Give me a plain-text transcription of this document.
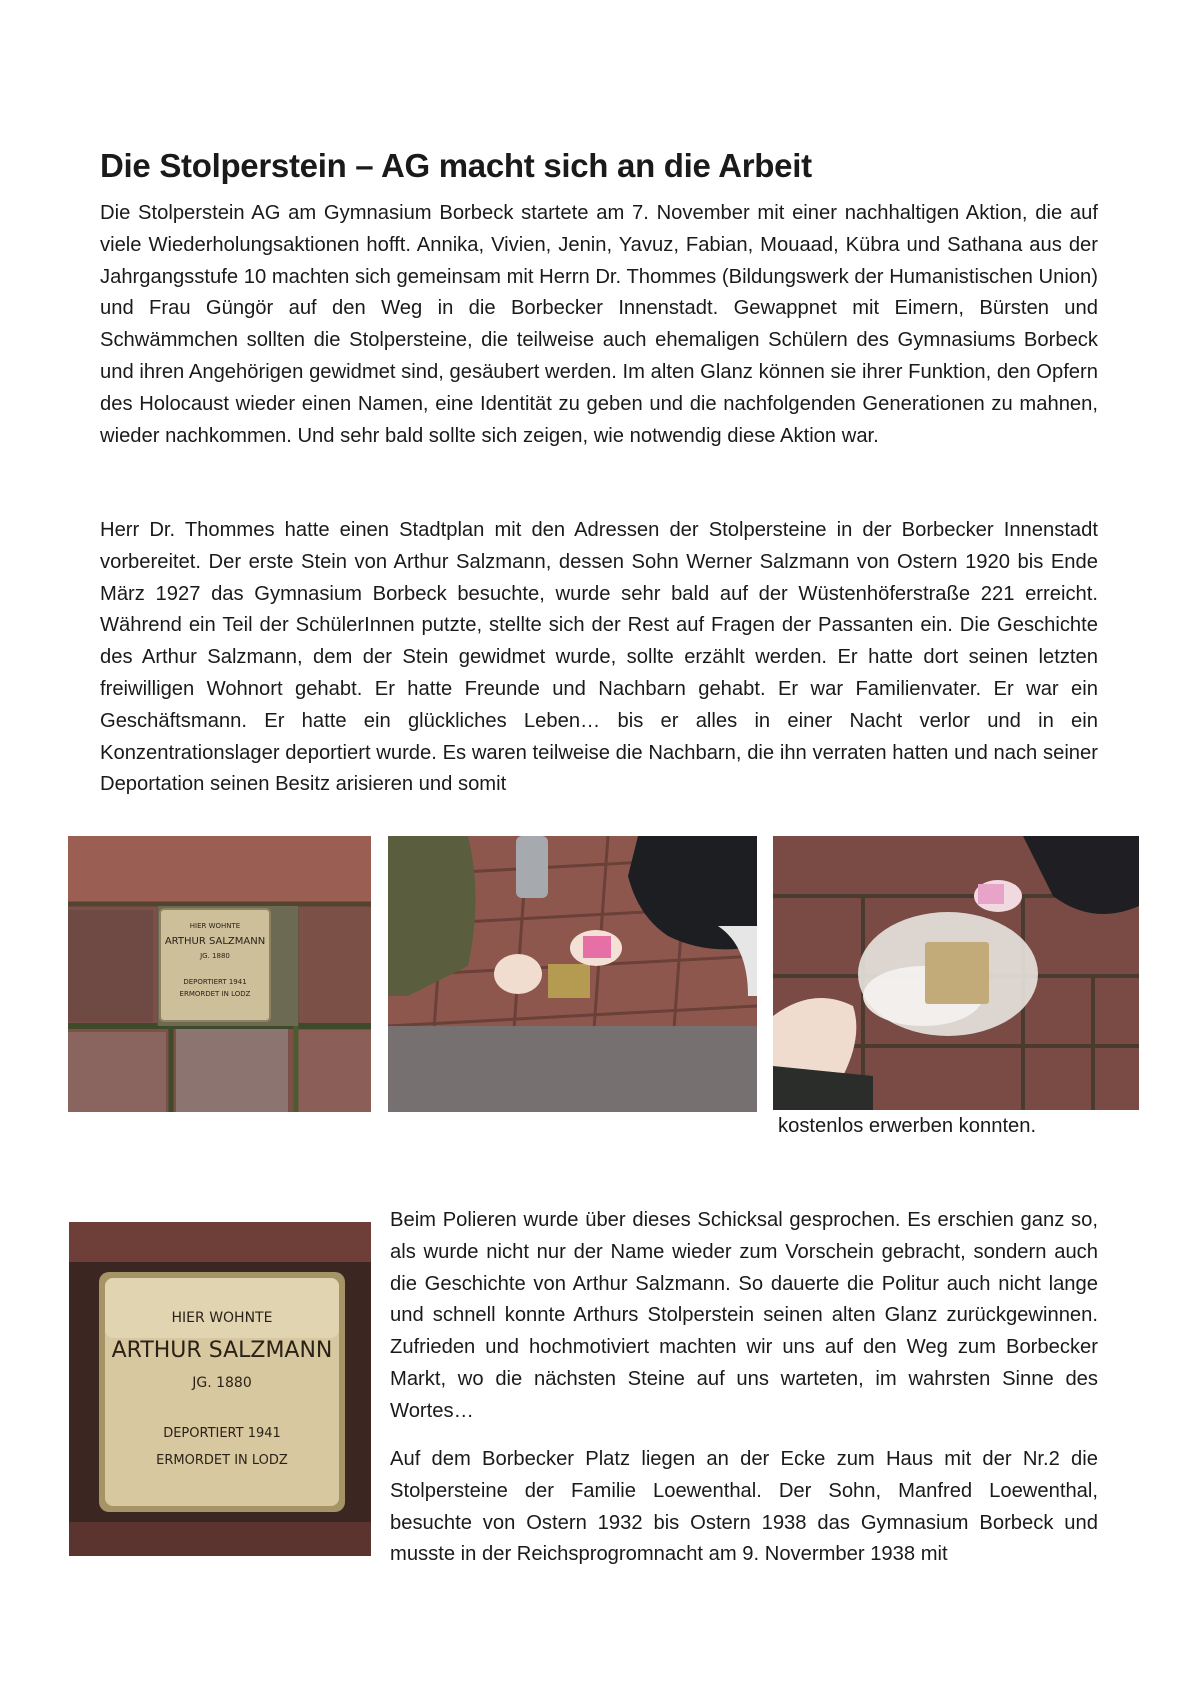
Die Stolperstein – AG macht sich an die Arbeit

Die Stolperstein AG am Gymnasium Borbeck startete am 7. November mit einer nachhaltigen Aktion, die auf viele Wiederholungsaktionen hofft. Annika, Vivien, Jenin, Yavuz, Fabian, Mouaad, Kübra und Sathana aus der Jahrgangsstufe 10 machten sich gemeinsam mit Herrn Dr. Thommes (Bildungswerk der Humanistischen Union) und Frau Güngör auf den Weg in die Borbecker Innenstadt. Gewappnet mit Eimern, Bürsten und Schwämmchen sollten die Stolpersteine, die teilweise auch ehemaligen Schülern des Gymnasiums Borbeck und ihren Angehörigen gewidmet sind, gesäubert werden. Im alten Glanz können sie ihrer Funktion, den Opfern des Holocaust wieder einen Namen, eine Identität zu geben und die nachfolgenden Generationen zu mahnen, wieder nachkommen. Und sehr bald sollte sich zeigen, wie notwendig diese Aktion war.

Herr Dr. Thommes hatte einen Stadtplan mit den Adressen der Stolpersteine in der Borbecker Innenstadt vorbereitet. Der erste Stein von Arthur Salzmann, dessen Sohn Werner Salzmann von Ostern 1920 bis Ende März 1927 das Gymnasium Borbeck besuchte, wurde sehr bald auf der Wüstenhöferstraße 221 erreicht. Während ein Teil der SchülerInnen putzte, stellte sich der Rest auf Fragen der Passanten ein. Die Geschichte des Arthur Salzmann, dem der Stein gewidmet wurde, sollte erzählt werden. Er hatte dort seinen letzten freiwilligen Wohnort gehabt. Er hatte Freunde und Nachbarn gehabt. Er war Familienvater. Er war ein Geschäftsmann. Er hatte ein glückliches Leben… bis er alles in einer Nacht verlor und in ein Konzentrationslager deportiert wurde. Es waren teilweise die Nachbarn, die ihn verraten hatten und nach seiner Deportation seinen Besitz arisieren und somit

HIER WOHNTE
ARTHUR SALZMANN
JG. 1880
DEPORTIERT 1941
ERMORDET IN LODZ
kostenlos erwerben konnten.
HIER WOHNTE
ARTHUR SALZMANN
JG. 1880
DEPORTIERT 1941
ERMORDET IN LODZ

Beim Polieren wurde über dieses Schicksal gesprochen. Es erschien ganz so, als wurde nicht nur der Name wieder zum Vorschein gebracht, sondern auch die Geschichte von Arthur Salzmann. So dauerte die Politur auch nicht lange und schnell konnte Arthurs Stolperstein seinen alten Glanz zurückgewinnen. Zufrieden und hochmotiviert machten wir uns auf den Weg zum Borbecker Markt, wo die nächsten Steine auf uns warteten, im wahrsten Sinne des Wortes…

Auf dem Borbecker Platz liegen an der Ecke zum Haus mit der Nr.2 die Stolpersteine der Familie Loewenthal. Der Sohn, Manfred Loewenthal, besuchte von Ostern 1932 bis Ostern 1938 das Gymnasium Borbeck und musste in der Reichsprogromnacht am 9. Novermber 1938 mit
